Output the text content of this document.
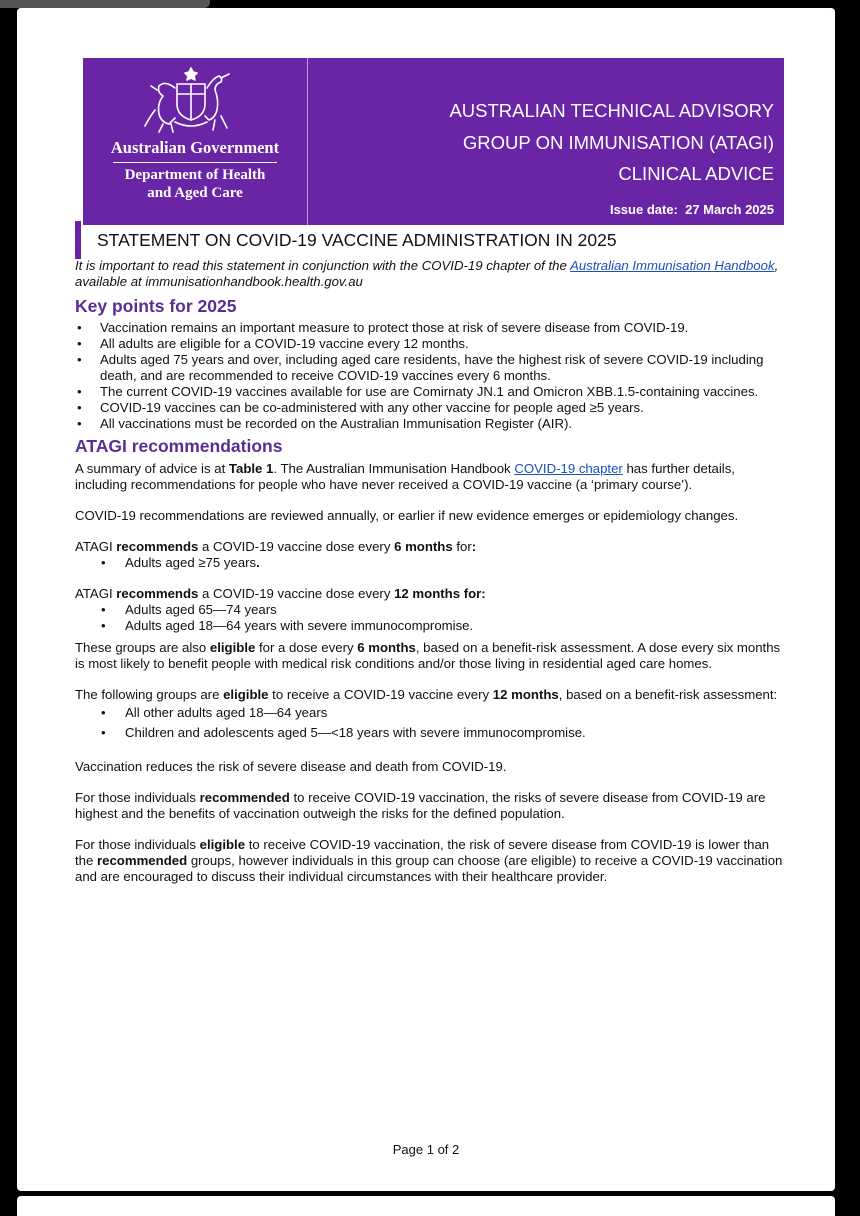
Australian Government
Department of Health
and Aged Care
AUSTRALIAN TECHNICAL ADVISORY
GROUP ON IMMUNISATION (ATAGI)
CLINICAL ADVICE
Issue date:  27 March 2025
STATEMENT ON COVID-19 VACCINE ADMINISTRATION IN 2025

It is important to read this statement in conjunction with the COVID-19 chapter of the Australian Immunisation Handbook, available at immunisationhandbook.health.gov.au

Key points for 2025
• Vaccination remains an important measure to protect those at risk of severe disease from COVID-19.
• All adults are eligible for a COVID-19 vaccine every 12 months.
• Adults aged 75 years and over, including aged care residents, have the highest risk of severe COVID-19 including death, and are recommended to receive COVID-19 vaccines every 6 months.
• The current COVID-19 vaccines available for use are Comirnaty JN.1 and Omicron XBB.1.5-containing vaccines.
• COVID-19 vaccines can be co-administered with any other vaccine for people aged ≥5 years.
• All vaccinations must be recorded on the Australian Immunisation Register (AIR).
ATAGI recommendations

A summary of advice is at Table 1. The Australian Immunisation Handbook COVID-19 chapter has further details, including recommendations for people who have never received a COVID-19 vaccine (a ‘primary course’).

COVID-19 recommendations are reviewed annually, or earlier if new evidence emerges or epidemiology changes.

ATAGI recommends a COVID-19 vaccine dose every 6 months for:

• Adults aged ≥75 years.

ATAGI recommends a COVID-19 vaccine dose every 12 months for:

• Adults aged 65—74 years
• Adults aged 18—64 years with severe immunocompromise.

These groups are also eligible for a dose every 6 months, based on a benefit-risk assessment. A dose every six months is most likely to benefit people with medical risk conditions and/or those living in residential aged care homes.

The following groups are eligible to receive a COVID-19 vaccine every 12 months, based on a benefit-risk assessment:

• All other adults aged 18—64 years
• Children and adolescents aged 5—<18 years with severe immunocompromise.

Vaccination reduces the risk of severe disease and death from COVID-19.

For those individuals recommended to receive COVID-19 vaccination, the risks of severe disease from COVID-19 are highest and the benefits of vaccination outweigh the risks for the defined population.

For those individuals eligible to receive COVID-19 vaccination, the risk of severe disease from COVID-19 is lower than the recommended groups, however individuals in this group can choose (are eligible) to receive a COVID-19 vaccination and are encouraged to discuss their individual circumstances with their healthcare provider.

Page 1 of 2
